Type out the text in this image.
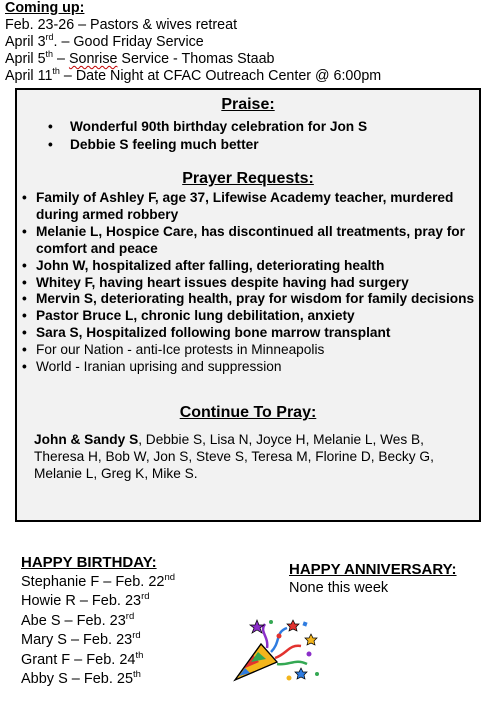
Coming up:
Feb. 23-26 – Pastors & wives retreat
April 3rd. – Good Friday Service
April 5th – Sonrise Service - Thomas Staab
April 11th – Date Night at CFAC Outreach Center @ 6:00pm
Praise:
• Wonderful 90th birthday celebration for Jon S
• Debbie S feeling much better
Prayer Requests:
• Family of Ashley F, age 37, Lifewise Academy teacher, murdered during armed robbery
• Melanie L, Hospice Care, has discontinued all treatments, pray for comfort and peace
• John W, hospitalized after falling, deteriorating health
• Whitey F, having heart issues despite having had surgery
• Mervin S, deteriorating health, pray for wisdom for family decisions
• Pastor Bruce L, chronic lung debilitation, anxiety
• Sara S, Hospitalized following bone marrow transplant
• For our Nation - anti-Ice protests in Minneapolis
• World - Iranian uprising and suppression
Continue To Pray:
John & Sandy S, Debbie S, Lisa N, Joyce H, Melanie L, Wes B, Theresa H, Bob W, Jon S, Steve S, Teresa M, Florine D, Becky G, Melanie L, Greg K, Mike S.
HAPPY BIRTHDAY:
Stephanie F – Feb. 22nd
Howie R – Feb. 23rd
Abe S – Feb. 23rd
Mary S – Feb. 23rd
Grant F – Feb. 24th
Abby S – Feb. 25th
HAPPY ANNIVERSARY:
None this week
